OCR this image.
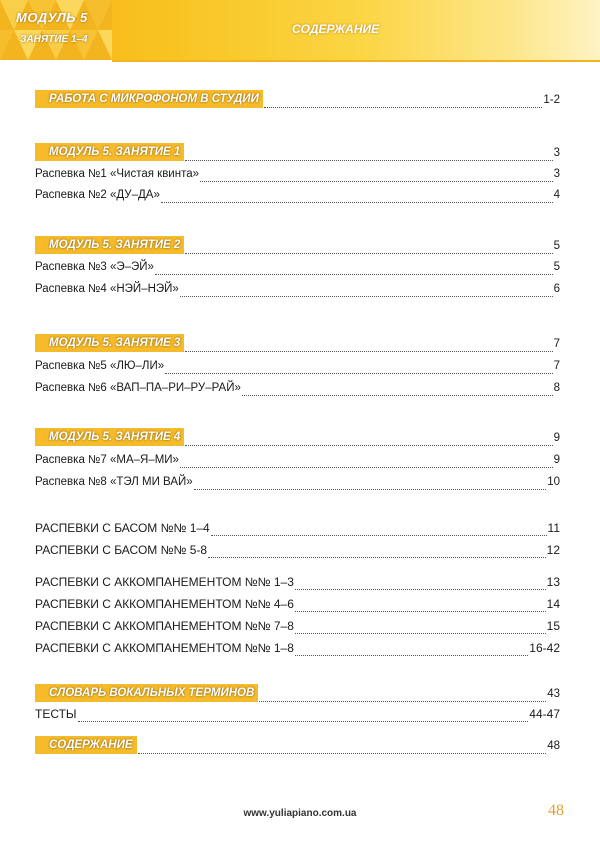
МОДУЛЬ 5
ЗАНЯТИЕ 1–4
СОДЕРЖАНИЕ
РАБОТА С МИКРОФОНОМ В СТУДИИ	1-2
МОДУЛЬ 5. ЗАНЯТИЕ 1	3
Распевка №1 «Чистая квинта»	3
Распевка №2 «ДУ–ДА»	4
МОДУЛЬ 5. ЗАНЯТИЕ 2	5
Распевка №3 «Э–ЭЙ»	5
Распевка №4 «НЭЙ–НЭЙ»	6
МОДУЛЬ 5. ЗАНЯТИЕ 3	7
Распевка №5 «ЛЮ–ЛИ»	7
Распевка №6 «ВАП–ПА–РИ–РУ–РАЙ»	8
МОДУЛЬ 5. ЗАНЯТИЕ 4	9
Распевка №7 «МА–Я–МИ»	9
Распевка №8 «ТЭЛ МИ ВАЙ»	10
РАСПЕВКИ С БАСОМ №№ 1–4	11
РАСПЕВКИ С БАСОМ №№ 5-8	12
РАСПЕВКИ С АККОМПАНЕМЕНТОМ №№ 1–3	13
РАСПЕВКИ С АККОМПАНЕМЕНТОМ №№ 4–6	14
РАСПЕВКИ С АККОМПАНЕМЕНТОМ №№ 7–8	15
РАСПЕВКИ С АККОМПАНЕМЕНТОМ №№ 1–8	16-42
СЛОВАРЬ ВОКАЛЬНЫХ ТЕРМИНОВ	43
ТЕСТЫ	44-47
СОДЕРЖАНИЕ	48
www.yuliapiano.com.ua	48
